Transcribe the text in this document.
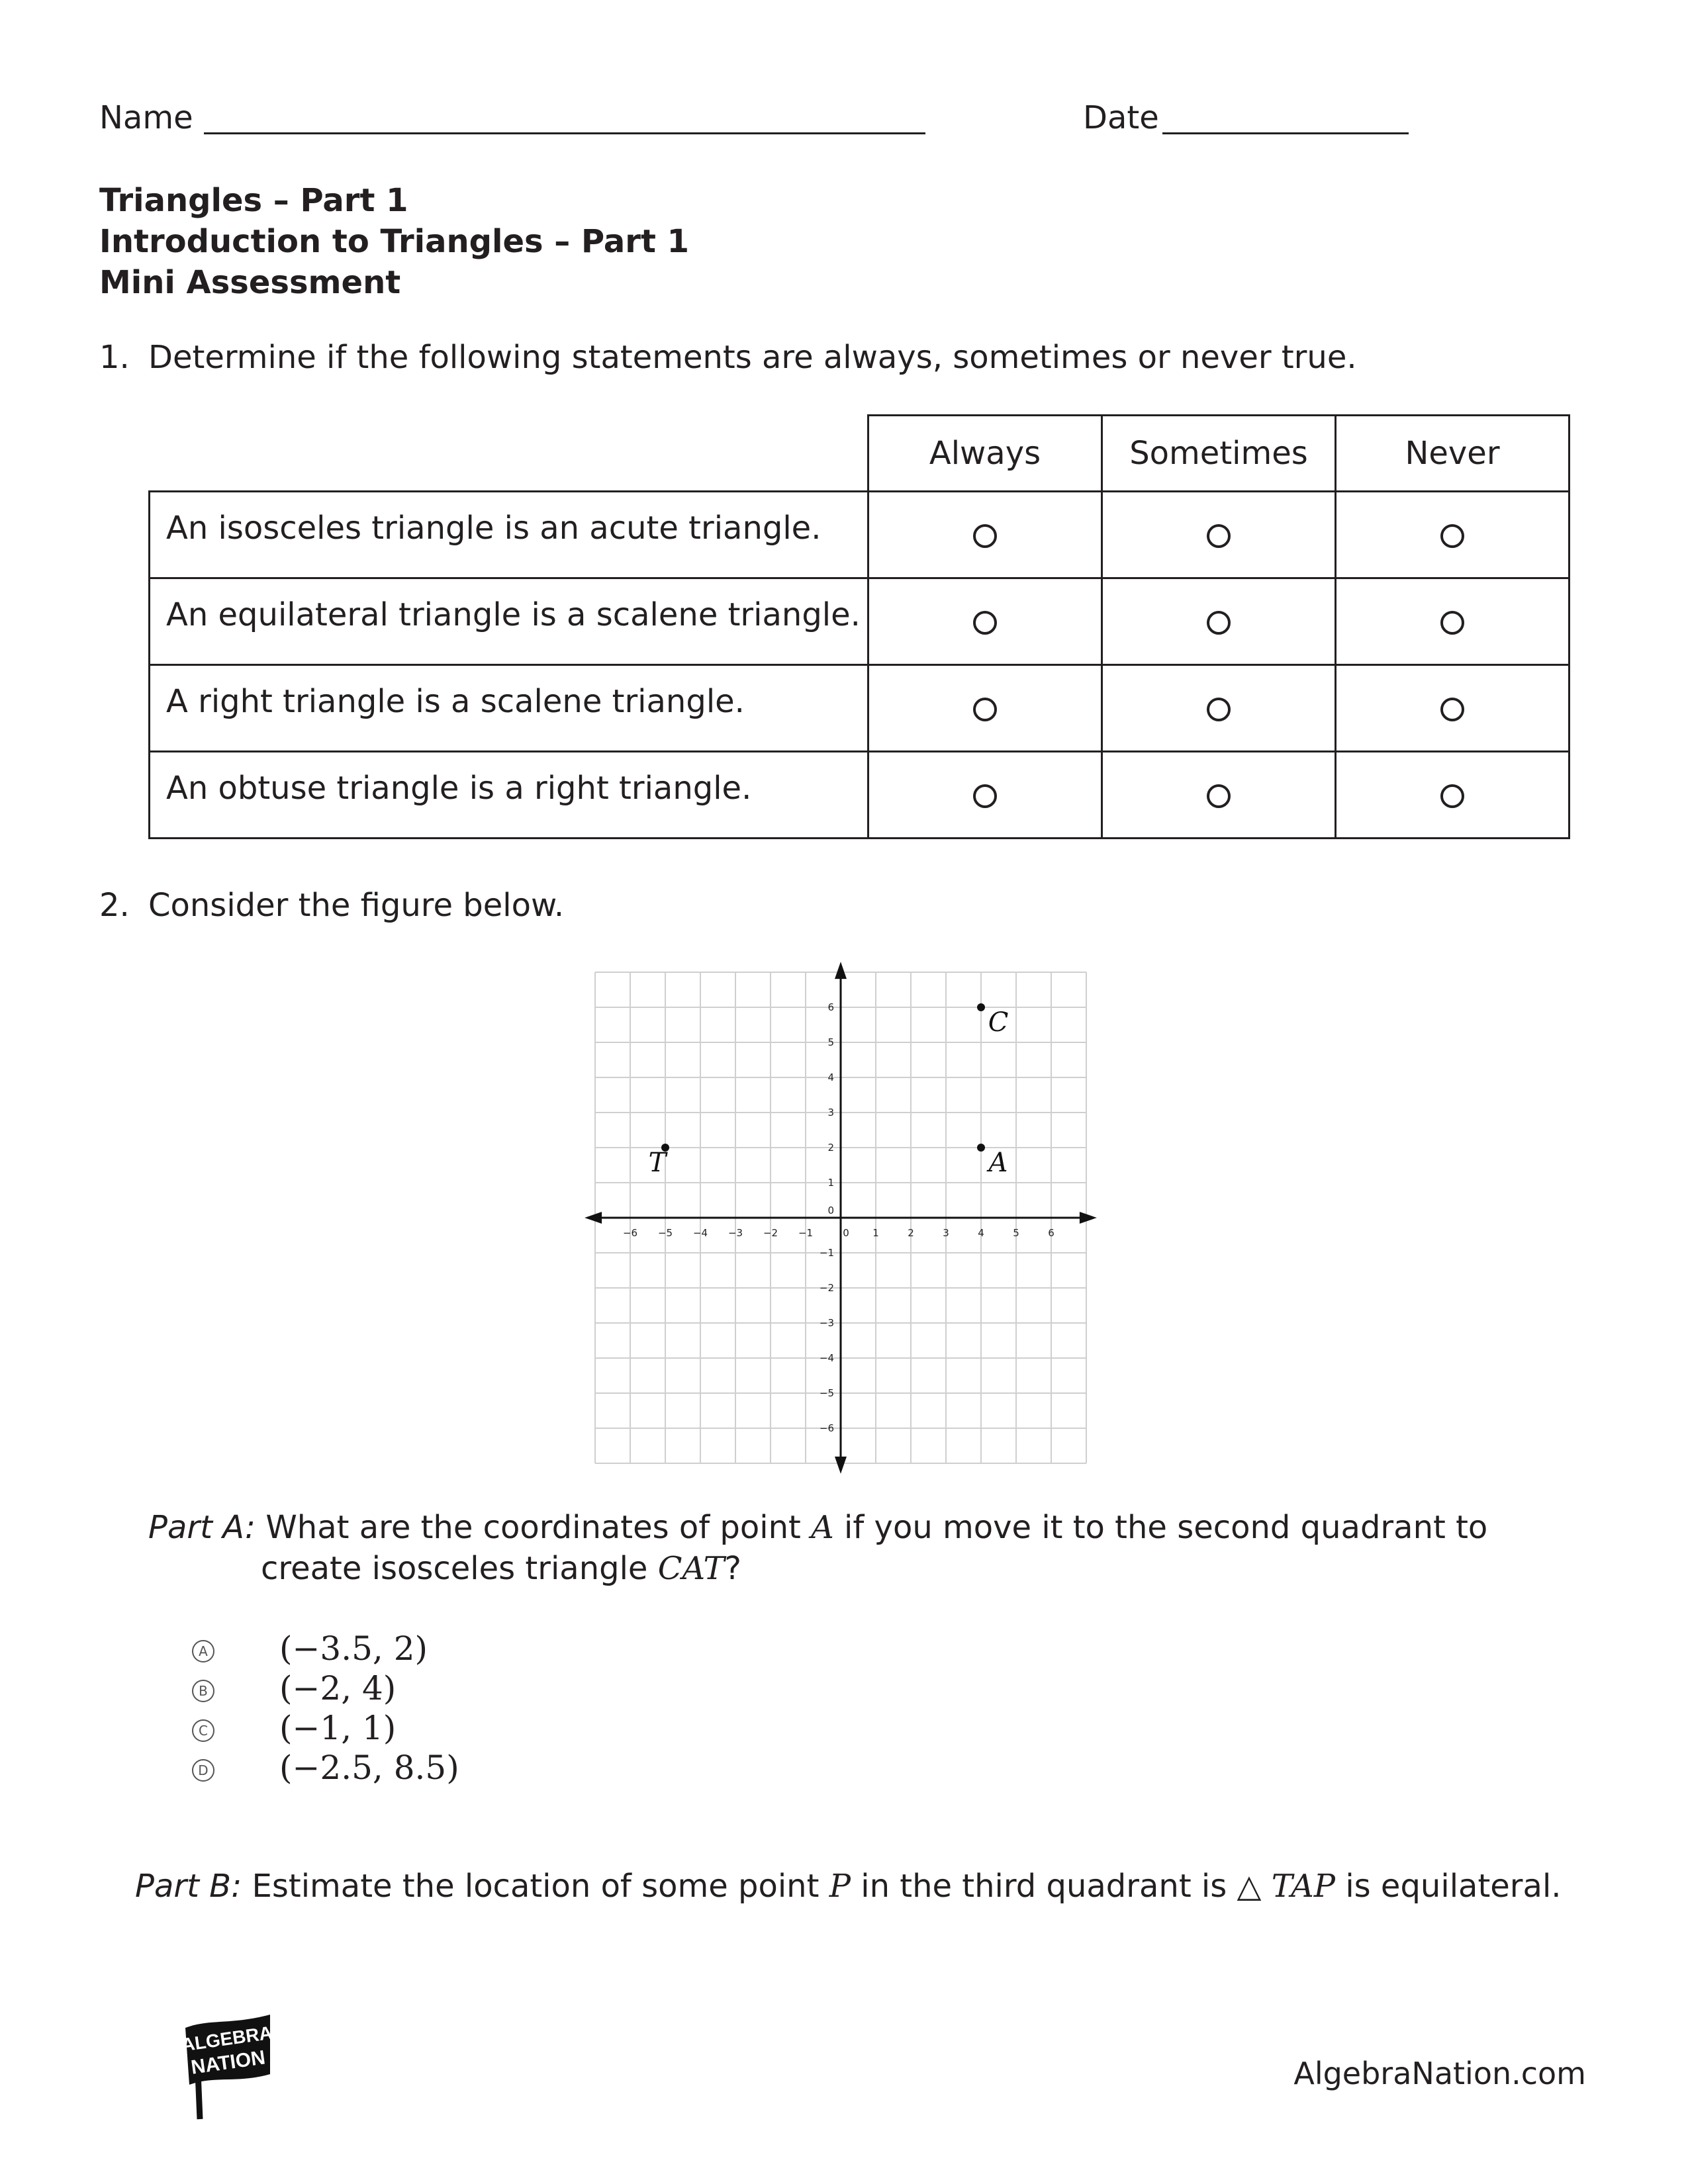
Name	Date
Triangles – Part 1
Introduction to Triangles – Part 1
Mini Assessment
1. Determine if the following statements are always, sometimes or never true.
	Always	Sometimes	Never
An isosceles triangle is an acute triangle.			
An equilateral triangle is a scalene triangle.			
A right triangle is a scalene triangle.			
An obtuse triangle is a right triangle.			
2. Consider the figure below.
−6 −5 −4 −3 −2 −1	0 1	2	3	4	5	6
6
5
4
3
2
1
−1
−2
−3
−4
−5
−6
0
C
A
T
Part A: What are the coordinates of point A if you move it to the second quadrant to
create isosceles triangle CAT?
A (−3.5, 2)
B (−2, 4)
C (−1, 1)
D (−2.5, 8.5)
Part B: Estimate the location of some point P in the third quadrant is △ TAP is equilateral.
ALGEBRA
NATION	AlgebraNation.com
